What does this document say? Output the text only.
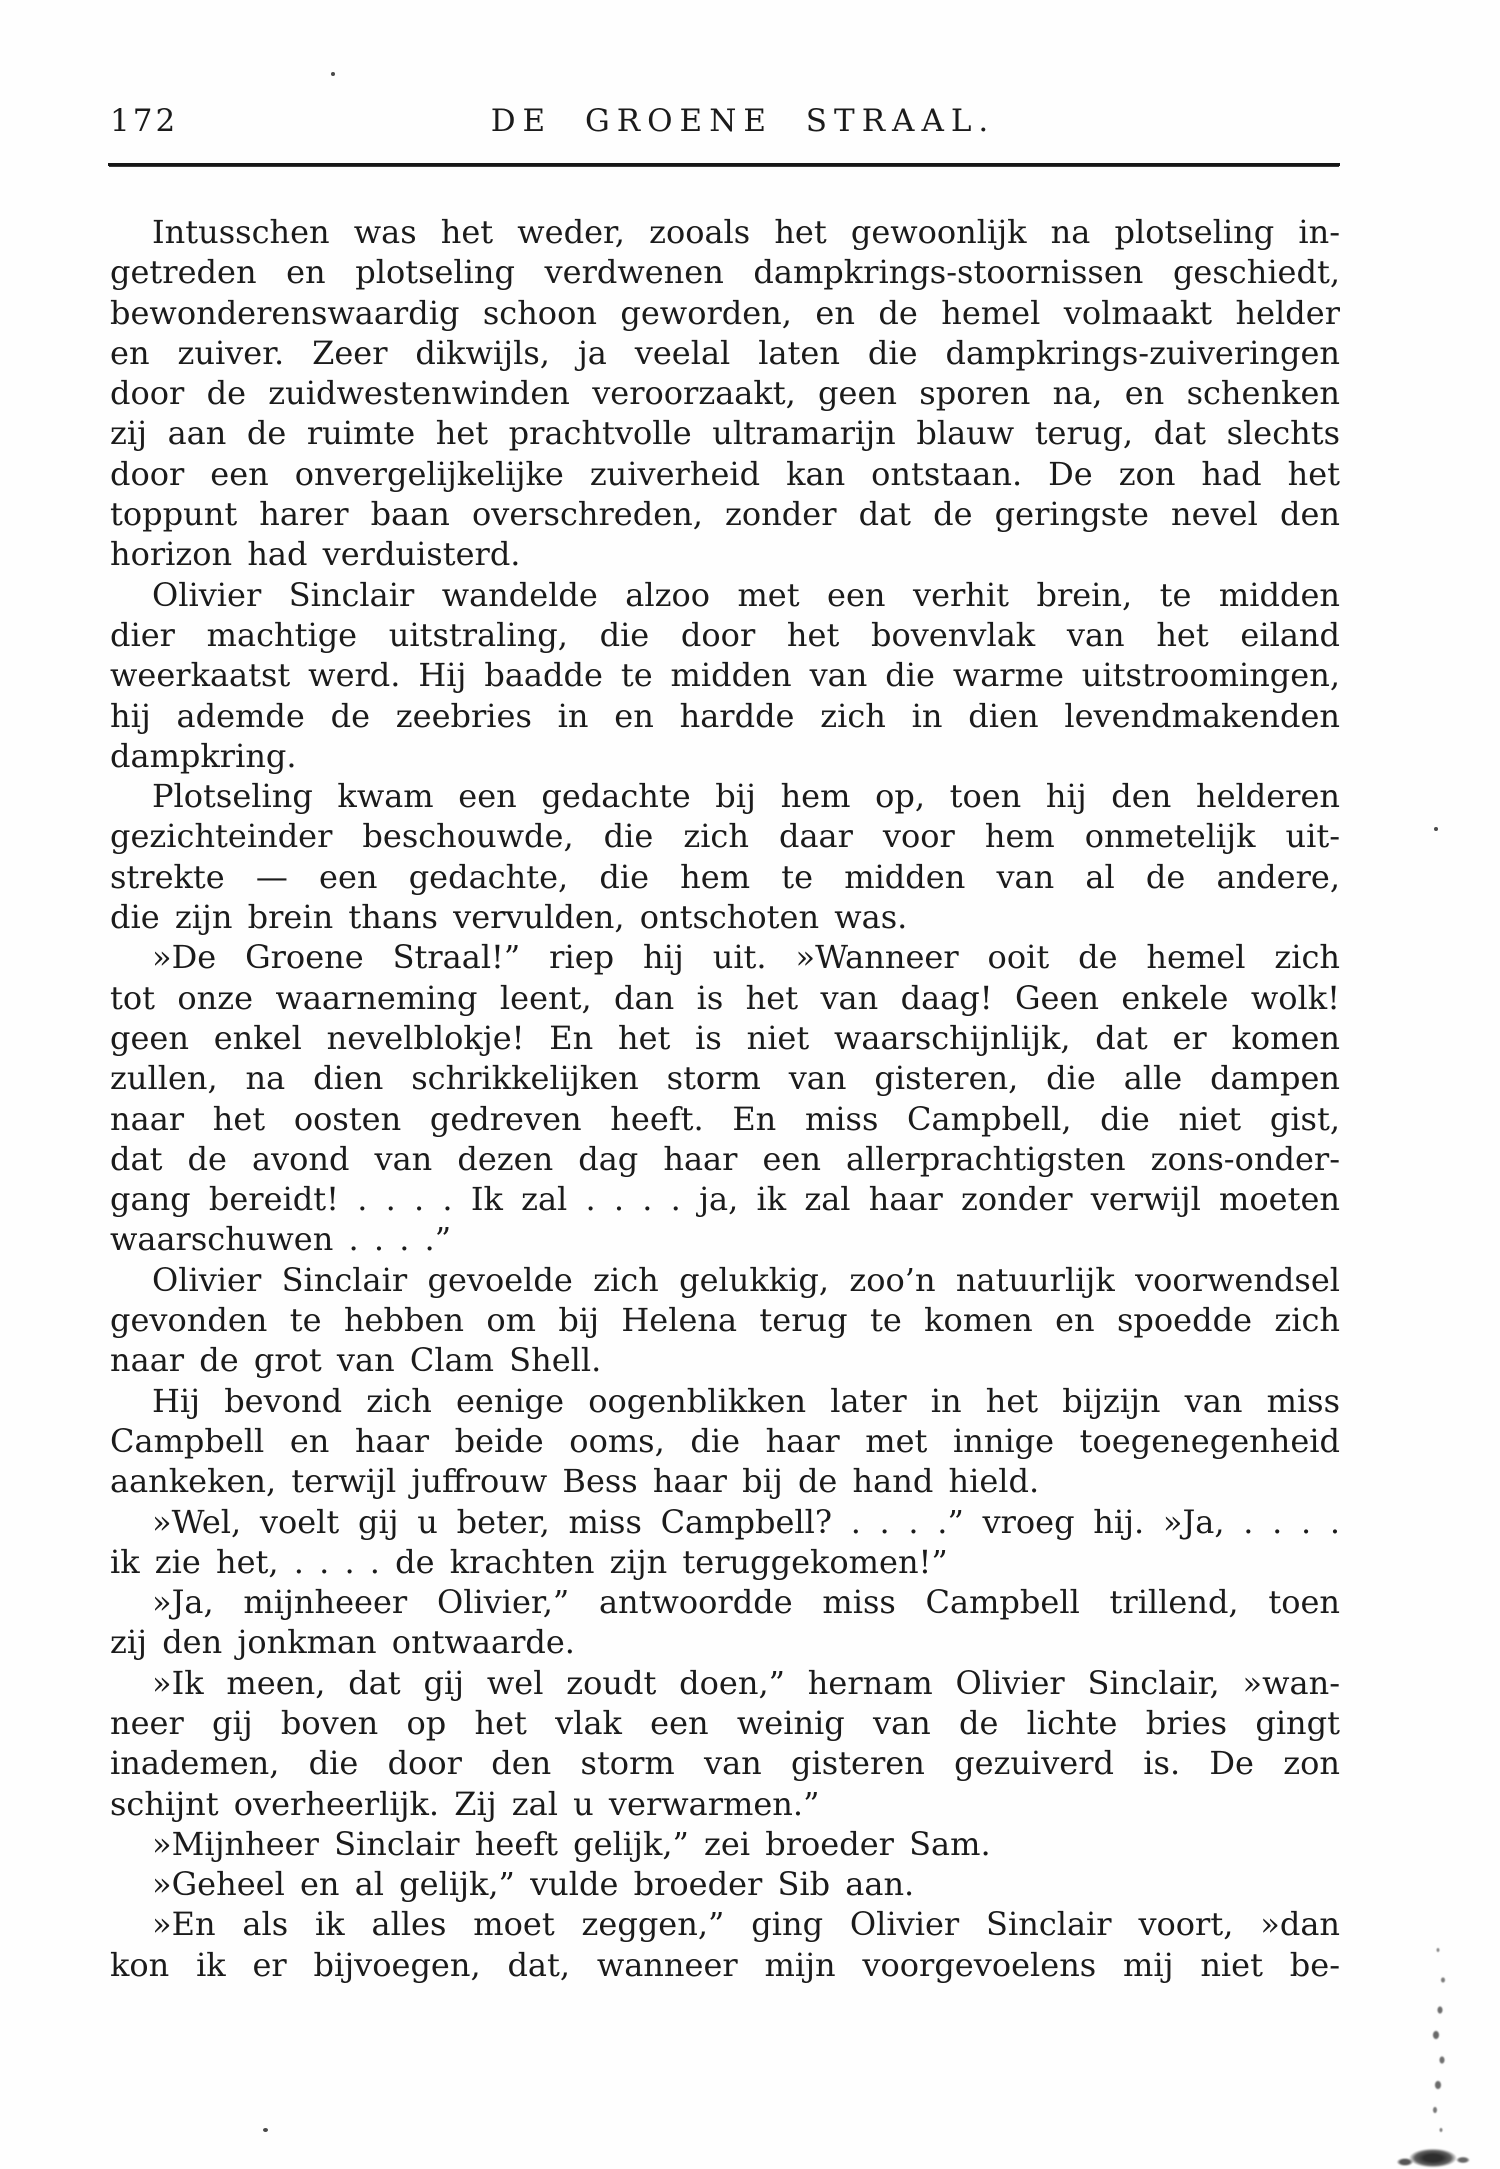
172	DE GROENE STRAAL.
Intusschen was het weder, zooals het gewoonlijk na plotseling in-
getreden en plotseling verdwenen dampkrings-stoornissen geschiedt,
bewonderenswaardig schoon geworden, en de hemel volmaakt helder
en zuiver. Zeer dikwijls, ja veelal laten die dampkrings-zuiveringen
door de zuidwestenwinden veroorzaakt, geen sporen na, en schenken
zij aan de ruimte het prachtvolle ultramarijn blauw terug, dat slechts
door een onvergelijkelijke zuiverheid kan ontstaan. De zon had het
toppunt harer baan overschreden, zonder dat de geringste nevel den
horizon had verduisterd.
Olivier Sinclair wandelde alzoo met een verhit brein, te midden
dier machtige uitstraling, die door het bovenvlak van het eiland
weerkaatst werd. Hij baadde te midden van die warme uitstroomingen,
hij ademde de zeebries in en hardde zich in dien levendmakenden
dampkring.
Plotseling kwam een gedachte bij hem op, toen hij den helderen
gezichteinder beschouwde, die zich daar voor hem onmetelijk uit-
strekte — een gedachte, die hem te midden van al de andere,
die zijn brein thans vervulden, ontschoten was.
»De Groene Straal!” riep hij uit. »Wanneer ooit de hemel zich
tot onze waarneming leent, dan is het van daag! Geen enkele wolk!
geen enkel nevelblokje! En het is niet waarschijnlijk, dat er komen
zullen, na dien schrikkelijken storm van gisteren, die alle dampen
naar het oosten gedreven heeft. En miss Campbell, die niet gist,
dat de avond van dezen dag haar een allerprachtigsten zons-onder-
gang bereidt! . . . . Ik zal . . . . ja, ik zal haar zonder verwijl moeten
waarschuwen . . . .”
Olivier Sinclair gevoelde zich gelukkig, zoo’n natuurlijk voorwendsel
gevonden te hebben om bij Helena terug te komen en spoedde zich
naar de grot van Clam Shell.
Hij bevond zich eenige oogenblikken later in het bijzijn van miss
Campbell en haar beide ooms, die haar met innige toegenegenheid
aankeken, terwijl juffrouw Bess haar bij de hand hield.
»Wel, voelt gij u beter, miss Campbell? . . . .” vroeg hij. »Ja, . . . .
ik zie het, . . . . de krachten zijn teruggekomen!”
»Ja, mijnheeer Olivier,” antwoordde miss Campbell trillend, toen
zij den jonkman ontwaarde.
»Ik meen, dat gij wel zoudt doen,” hernam Olivier Sinclair, »wan-
neer gij boven op het vlak een weinig van de lichte bries gingt
inademen, die door den storm van gisteren gezuiverd is. De zon
schijnt overheerlijk. Zij zal u verwarmen.”
»Mijnheer Sinclair heeft gelijk,” zei broeder Sam.
»Geheel en al gelijk,” vulde broeder Sib aan.
»En als ik alles moet zeggen,” ging Olivier Sinclair voort, »dan
kon ik er bijvoegen, dat, wanneer mijn voorgevoelens mij niet be-
